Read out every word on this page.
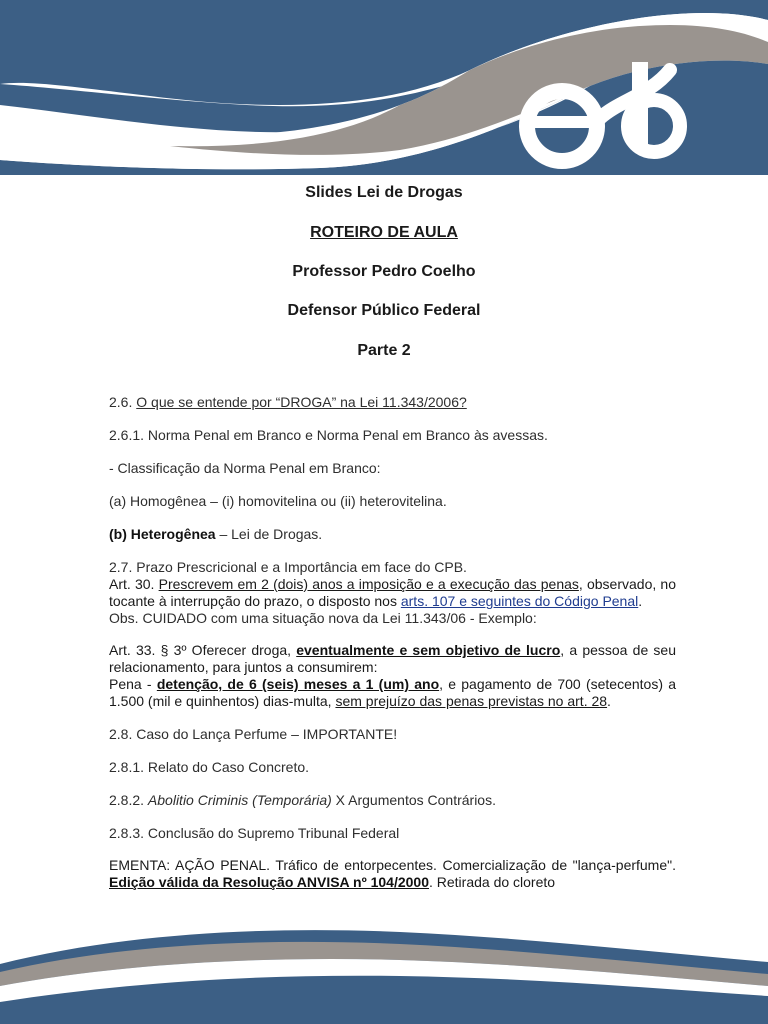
Slides Lei de Drogas

ROTEIRO DE AULA

Professor Pedro Coelho

Defensor Público Federal

Parte 2

2.6. O que se entende por “DROGA” na Lei 11.343/2006?

2.6.1. Norma Penal em Branco e Norma Penal em Branco às avessas.

- Classificação da Norma Penal em Branco:

(a) Homogênea – (i) homovitelina ou (ii) heterovitelina.

(b) Heterogênea – Lei de Drogas.

2.7. Prazo Prescricional e a Importância em face do CPB.

Art. 30. Prescrevem em 2 (dois) anos a imposição e a execução das penas, observado, no tocante à interrupção do prazo, o disposto nos arts. 107 e seguintes do Código Penal.

Obs. CUIDADO com uma situação nova da Lei 11.343/06 - Exemplo:

Art. 33. § 3º Oferecer droga, eventualmente e sem objetivo de lucro, a pessoa de seu relacionamento, para juntos a consumirem:

Pena - detenção, de 6 (seis) meses a 1 (um) ano, e pagamento de 700 (setecentos) a 1.500 (mil e quinhentos) dias-multa, sem prejuízo das penas previstas no art. 28.

2.8. Caso do Lança Perfume – IMPORTANTE!

2.8.1. Relato do Caso Concreto.

2.8.2. Abolitio Criminis (Temporária) X Argumentos Contrários.

2.8.3. Conclusão do Supremo Tribunal Federal

EMENTA: AÇÃO PENAL. Tráfico de entorpecentes. Comercialização de "lança-perfume". Edição válida da Resolução ANVISA nº 104/2000. Retirada do cloreto
